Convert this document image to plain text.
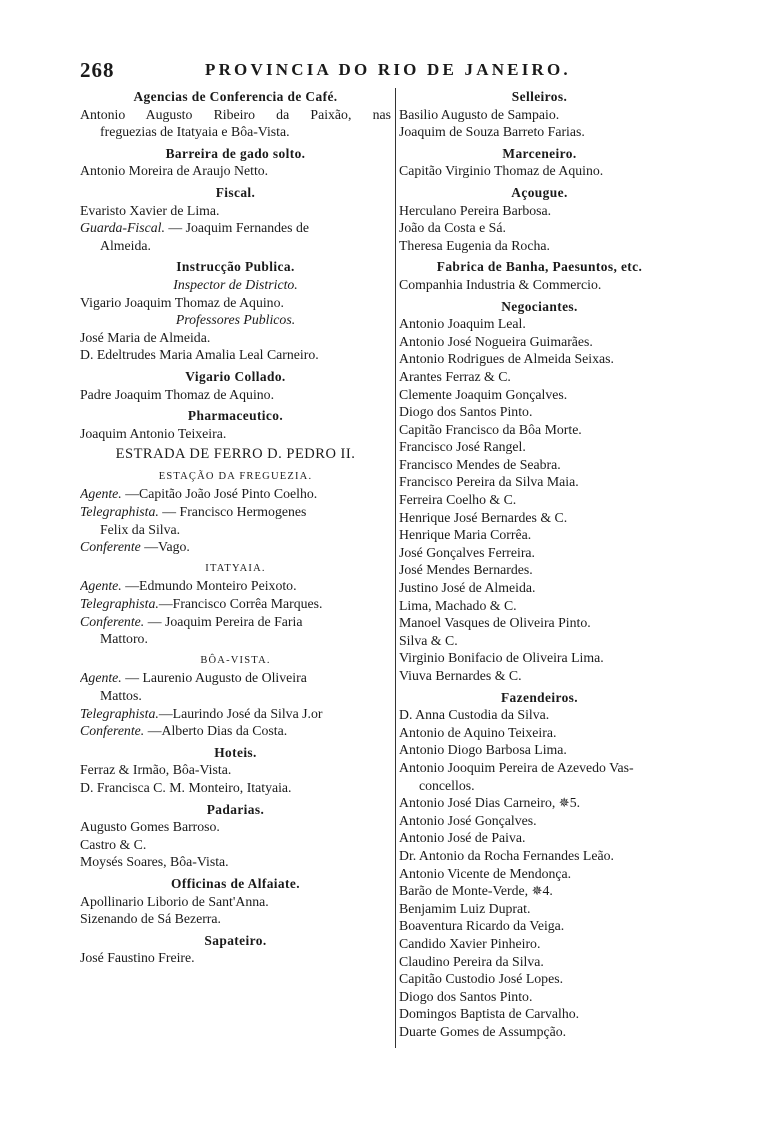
268	PROVINCIA DO RIO DE JANEIRO.
Agencias de Conferencia de Café.
Antonio Augusto Ribeiro da Paixão, nas
freguezias de Itatyaia e Bôa-Vista.
Barreira de gado solto.
Antonio Moreira de Araujo Netto.
Fiscal.
Evaristo Xavier de Lima.
Guarda-Fiscal. — Joaquim Fernandes de
Almeida.
Instrucção Publica.
Inspector de Districto.
Vigario Joaquim Thomaz de Aquino.
Professores Publicos.
José Maria de Almeida.
D. Edeltrudes Maria Amalia Leal Carneiro.
Vigario Collado.
Padre Joaquim Thomaz de Aquino.
Pharmaceutico.
Joaquim Antonio Teixeira.
ESTRADA DE FERRO D. PEDRO II.
ESTAÇÃO DA FREGUEZIA.
Agente. —Capitão João José Pinto Coelho.
Telegraphista. — Francisco Hermogenes
Felix da Silva.
Conferente —Vago.
ITATYAIA.
Agente. —Edmundo Monteiro Peixoto.
Telegraphista.—Francisco Corrêa Marques.
Conferente. — Joaquim Pereira de Faria
Mattoro.
BÔA-VISTA.
Agente. — Laurenio Augusto de Oliveira
Mattos.
Telegraphista.—Laurindo José da Silva J.or
Conferente. —Alberto Dias da Costa.
Hoteis.
Ferraz & Irmão, Bôa-Vista.
D. Francisca C. M. Monteiro, Itatyaia.
Padarias.
Augusto Gomes Barroso.
Castro & C.
Moysés Soares, Bôa-Vista.
Officinas de Alfaiate.
Apollinario Liborio de Sant'Anna.
Sizenando de Sá Bezerra.
Sapateiro.
José Faustino Freire.
Selleiros.
Basilio Augusto de Sampaio.
Joaquim de Souza Barreto Farias.
Marceneiro.
Capitão Virginio Thomaz de Aquino.
Açougue.
Herculano Pereira Barbosa.
João da Costa e Sá.
Theresa Eugenia da Rocha.
Fabrica de Banha, Paesuntos, etc.
Companhia Industria & Commercio.
Negociantes.
Antonio Joaquim Leal.
Antonio José Nogueira Guimarães.
Antonio Rodrigues de Almeida Seixas.
Arantes Ferraz & C.
Clemente Joaquim Gonçalves.
Diogo dos Santos Pinto.
Capitão Francisco da Bôa Morte.
Francisco José Rangel.
Francisco Mendes de Seabra.
Francisco Pereira da Silva Maia.
Ferreira Coelho & C.
Henrique José Bernardes & C.
Henrique Maria Corrêa.
José Gonçalves Ferreira.
José Mendes Bernardes.
Justino José de Almeida.
Lima, Machado & C.
Manoel Vasques de Oliveira Pinto.
Silva & C.
Virginio Bonifacio de Oliveira Lima.
Viuva Bernardes & C.
Fazendeiros.
D. Anna Custodia da Silva.
Antonio de Aquino Teixeira.
Antonio Diogo Barbosa Lima.
Antonio Jooquim Pereira de Azevedo Vas-
concellos.
Antonio José Dias Carneiro, ✵5.
Antonio José Gonçalves.
Antonio José de Paiva.
Dr. Antonio da Rocha Fernandes Leão.
Antonio Vicente de Mendonça.
Barão de Monte-Verde, ✵4.
Benjamim Luiz Duprat.
Boaventura Ricardo da Veiga.
Candido Xavier Pinheiro.
Claudino Pereira da Silva.
Capitão Custodio José Lopes.
Diogo dos Santos Pinto.
Domingos Baptista de Carvalho.
Duarte Gomes de Assumpção.
